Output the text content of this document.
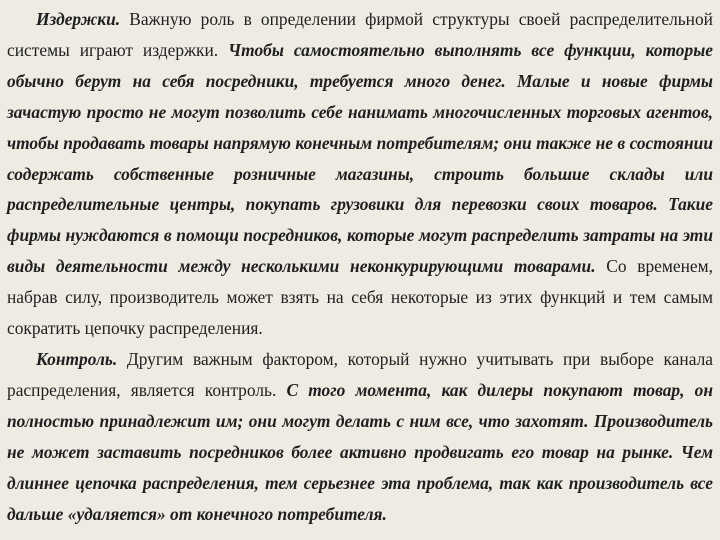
Издержки. Важную роль в определении фирмой структуры своей распределительной системы играют издержки. Чтобы самостоятельно выполнять все функции, которые обычно берут на себя посредники, требуется много денег. Малые и новые фирмы зачастую просто не могут позволить себе нанимать многочисленных торговых агентов, чтобы продавать товары напрямую конечным потребителям; они также не в состоянии содержать собственные розничные магазины, строить большие склады или распределительные центры, покупать грузовики для перевозки своих товаров. Такие фирмы нуждаются в помощи посредников, которые могут распределить затраты на эти виды деятельности между несколькими неконкурирующими товарами. Со временем, набрав силу, производитель может взять на себя некоторые из этих функций и тем самым сократить цепочку распределения.

Контроль. Другим важным фактором, который нужно учитывать при выборе канала распределения, является контроль. С того момента, как дилеры покупают товар, он полностью принадлежит им; они могут делать с ним все, что захотят. Производитель не может заставить посредников более активно продвигать его товар на рынке. Чем длиннее цепочка распределения, тем серьезнее эта проблема, так как производитель все дальше «удаляется» от конечного потребителя.
